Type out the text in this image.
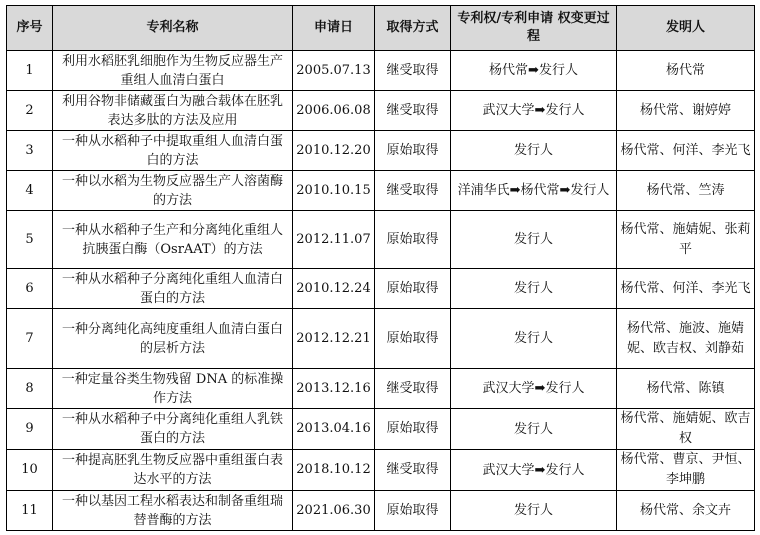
序号	专利名称	申请日	取得方式	专利权/专利申请 权变更过程	发明人
1	利用水稻胚乳细胞作为生物反应器生产重组人血清白蛋白	2005.07.13	继受取得	杨代常➡发行人	杨代常
2	利用谷物非储藏蛋白为融合载体在胚乳表达多肽的方法及应用	2006.06.08	继受取得	武汉大学➡发行人	杨代常、谢婷婷
3	一种从水稻种子中提取重组人血清白蛋白的方法	2010.12.20	原始取得	发行人	杨代常、何洋、李光飞
4	一种以水稻为生物反应器生产人溶菌酶的方法	2010.10.15	继受取得	洋浦华氏➡杨代常➡发行人	杨代常、竺涛
5	一种从水稻种子生产和分离纯化重组人抗胰蛋白酶（OsrAAT）的方法	2012.11.07	原始取得	发行人	杨代常、施婧妮、张莉平
6	一种从水稻种子分离纯化重组人血清白蛋白的方法	2010.12.24	原始取得	发行人	杨代常、何洋、李光飞
7	一种分离纯化高纯度重组人血清白蛋白的层析方法	2012.12.21	原始取得	发行人	杨代常、施波、施婧妮、欧吉权、刘静茹
8	一种定量谷类生物残留 DNA 的标准操作方法	2013.12.16	继受取得	武汉大学➡发行人	杨代常、陈镇
9	一种从水稻种子中分离纯化重组人乳铁蛋白的方法	2013.04.16	原始取得	发行人	杨代常、施婧妮、欧吉权
10	一种提高胚乳生物反应器中重组蛋白表达水平的方法	2018.10.12	继受取得	武汉大学➡发行人	杨代常、曹京、尹恒、李坤鹏
11	一种以基因工程水稻表达和制备重组瑞替普酶的方法	2021.06.30	原始取得	发行人	杨代常、余文卉
